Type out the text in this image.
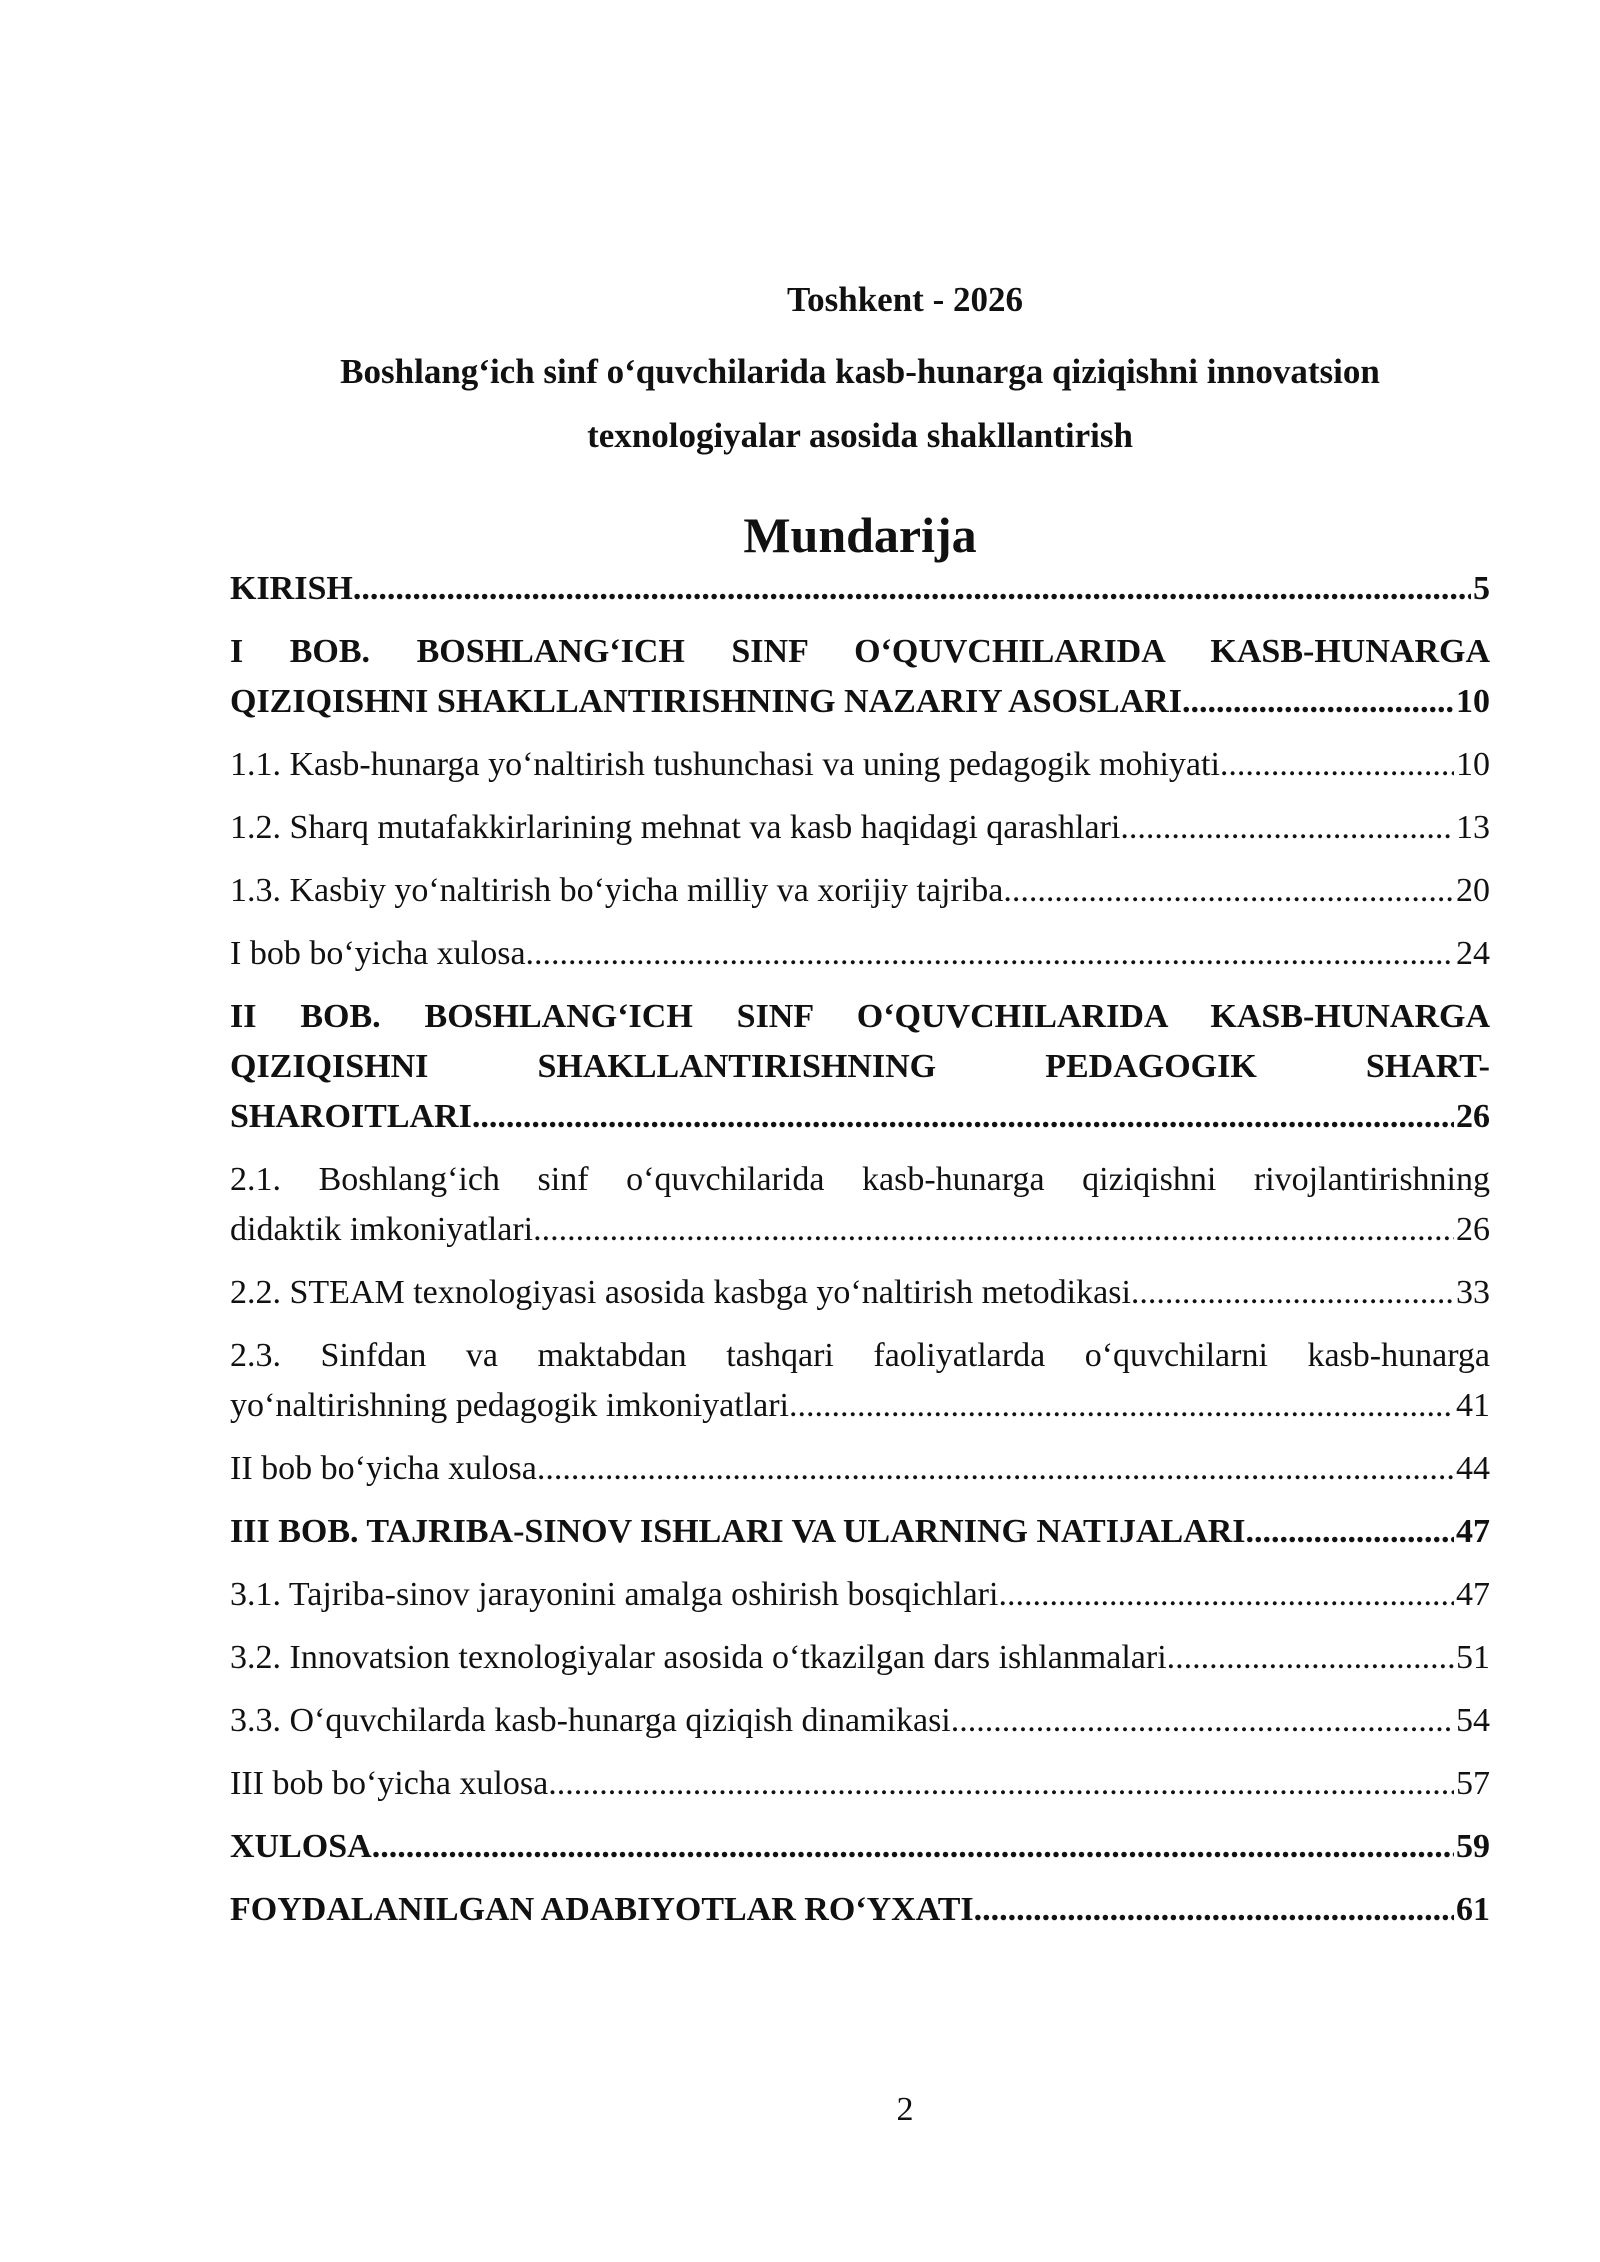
Toshkent - 2026
Boshlang‘ich sinf o‘quvchilarida kasb-hunarga qiziqishni innovatsion
texnologiyalar asosida shakllantirish
Mundarija
KIRISH .....	5
I BOB. BOSHLANG‘ICH SINF O‘QUVCHILARIDA KASB-HUNARGA
QIZIQISHNI SHAKLLANTIRISHNING NAZARIY ASOSLARI .....	10
1.1. Kasb-hunarga yo‘naltirish tushunchasi va uning pedagogik mohiyati .....	10
1.2. Sharq mutafakkirlarining mehnat va kasb haqidagi qarashlari .....	13
1.3. Kasbiy yo‘naltirish bo‘yicha milliy va xorijiy tajriba .....	20
I bob bo‘yicha xulosa .....	24
II BOB. BOSHLANG‘ICH SINF O‘QUVCHILARIDA KASB-HUNARGA
QIZIQISHNI SHAKLLANTIRISHNING PEDAGOGIK SHART-
SHAROITLARI .....	26
2.1. Boshlang‘ich sinf o‘quvchilarida kasb-hunarga qiziqishni rivojlantirishning
didaktik imkoniyatlari .....	26
2.2. STEAM texnologiyasi asosida kasbga yo‘naltirish metodikasi .....	33
2.3. Sinfdan va maktabdan tashqari faoliyatlarda o‘quvchilarni kasb-hunarga
yo‘naltirishning pedagogik imkoniyatlari .....	41
II bob bo‘yicha xulosa .....	44
III BOB. TAJRIBA-SINOV ISHLARI VA ULARNING NATIJALARI .....	47
3.1. Tajriba-sinov jarayonini amalga oshirish bosqichlari .....	47
3.2. Innovatsion texnologiyalar asosida o‘tkazilgan dars ishlanmalari .....	51
3.3. O‘quvchilarda kasb-hunarga qiziqish dinamikasi .....	54
III bob bo‘yicha xulosa .....	57
XULOSA .....	59
FOYDALANILGAN ADABIYOTLAR RO‘YXATI .....	61
2
